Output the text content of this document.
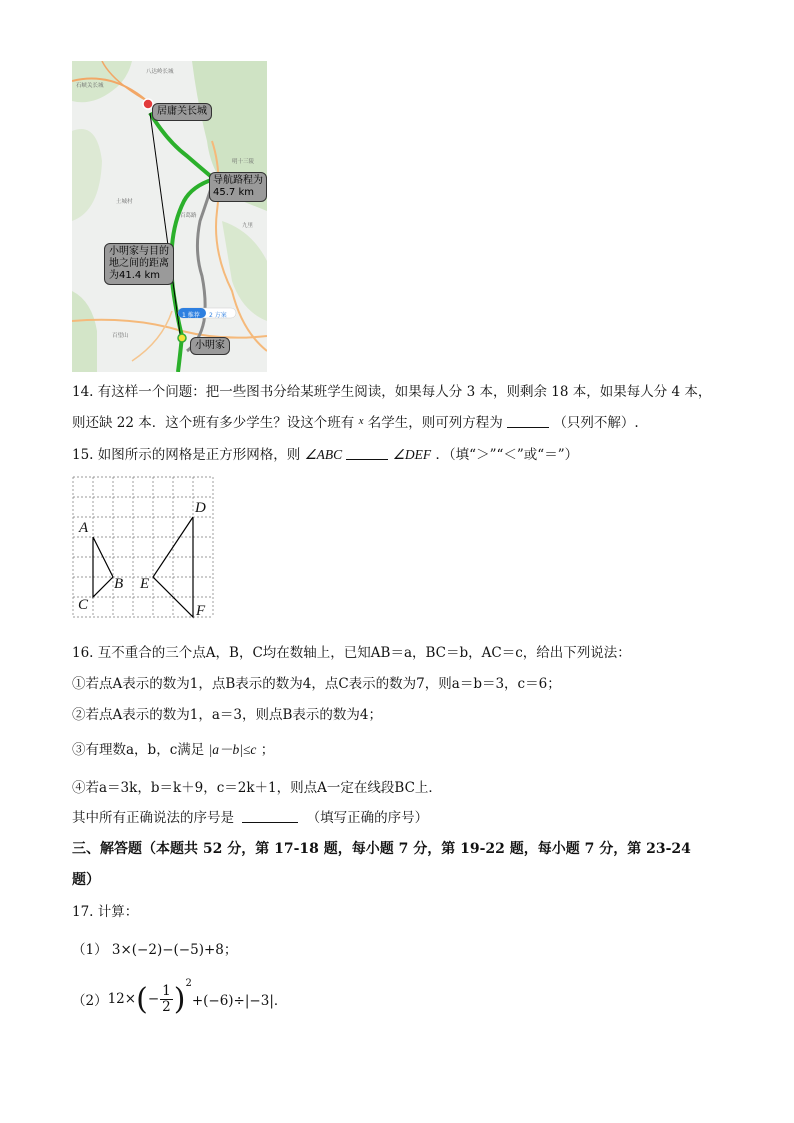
八达岭长城
石峡关长城
明十三陵
百葛路
土城村
百望山
九里
居庸关长城
导航路程为
45.7 km
小明家与目的
地之间的距离
为41.4 km
小明家
1 推荐 2 方案
14. 有这样一个问题：把一些图书分给某班学生阅读，如果每人分 3 本，则剩余 18 本，如果每人分 4 本，
则还缺 22 本．这个班有多少学生？设这个班有 $^x$ 名学生，则可列方程为	（只列不解）.
15. 如图所示的网格是正方形网格，则 ∠ABC	∠DEF ．（填“＞”“＜”或“＝”）
A
B
C
D
E
F
16. 互不重合的三个点A，B，C均在数轴上，已知AB＝a，BC＝b，AC＝c，给出下列说法：
①若点A表示的数为1，点B表示的数为4，点C表示的数为7，则a＝b＝3，c＝6；
②若点A表示的数为1，a＝3，则点B表示的数为4；
③有理数a，b，c满足 |a－b|≤c ；
④若a＝3k，b＝k＋9，c＝2k＋1，则点A一定在线段BC上．
其中所有正确说法的序号是	（填写正确的序号）
三、解答题（本题共 52 分，第 17-18 题，每小题 7 分，第 19-22 题，每小题 7 分，第 23-24
题）
17. 计算：
（1） 3×(−2)−(−5)+8；
（2） 12× ( − $\frac{1}{2}$ ) 2
+(−6)÷|−3|．
